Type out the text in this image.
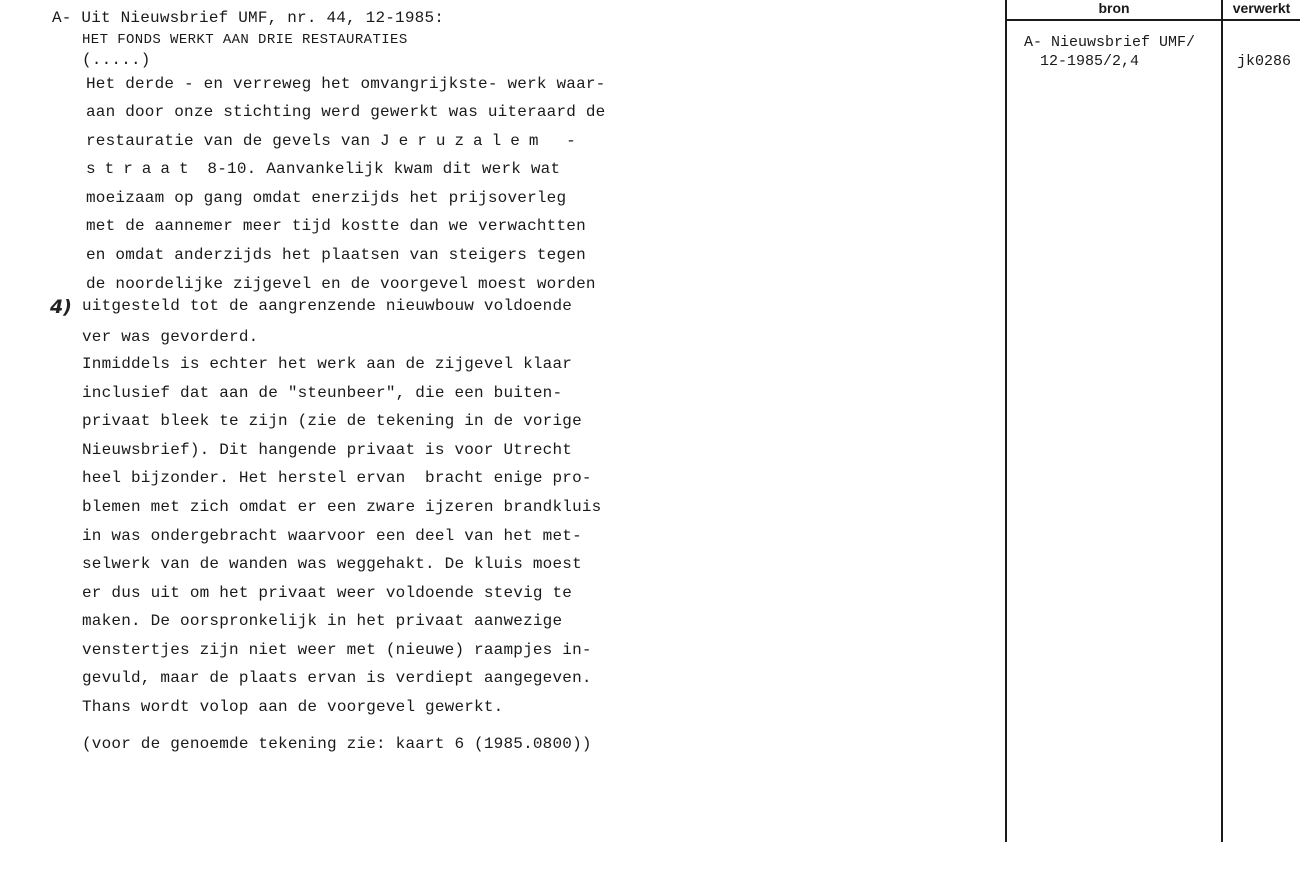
A- Uit Nieuwsbrief UMF, nr. 44, 12-1985:
HET FONDS WERKT AAN DRIE RESTAURATIES
(.....)
Het derde - en verreweg het omvangrijkste- werk waar-
aan door onze stichting werd gewerkt was uiteraard de
restauratie van de gevels van Jeruzalem -
straat 8-10. Aanvankelijk kwam dit werk wat
moeizaam op gang omdat enerzijds het prijsoverleg
met de aannemer meer tijd kostte dan we verwachtten
en omdat anderzijds het plaatsen van steigers tegen
de noordelijke zijgevel en de voorgevel moest worden
4) uitgesteld tot de aangrenzende nieuwbouw voldoende
ver was gevorderd.
Inmiddels is echter het werk aan de zijgevel klaar
inclusief dat aan de "steunbeer", die een buiten-
privaat bleek te zijn (zie de tekening in de vorige
Nieuwsbrief). Dit hangende privaat is voor Utrecht
heel bijzonder. Het herstel ervan  bracht enige pro-
blemen met zich omdat er een zware ijzeren brandkluis
in was ondergebracht waarvoor een deel van het met-
selwerk van de wanden was weggehakt. De kluis moest
er dus uit om het privaat weer voldoende stevig te
maken. De oorspronkelijk in het privaat aanwezige
venstertjes zijn niet weer met (nieuwe) raampjes in-
gevuld, maar de plaats ervan is verdiept aangegeven.
Thans wordt volop aan de voorgevel gewerkt.
(voor de genoemde tekening zie: kaart 6 (1985.0800))
bron	verwerkt
A- Nieuwsbrief UMF/
12-1985/2,4	jk0286
